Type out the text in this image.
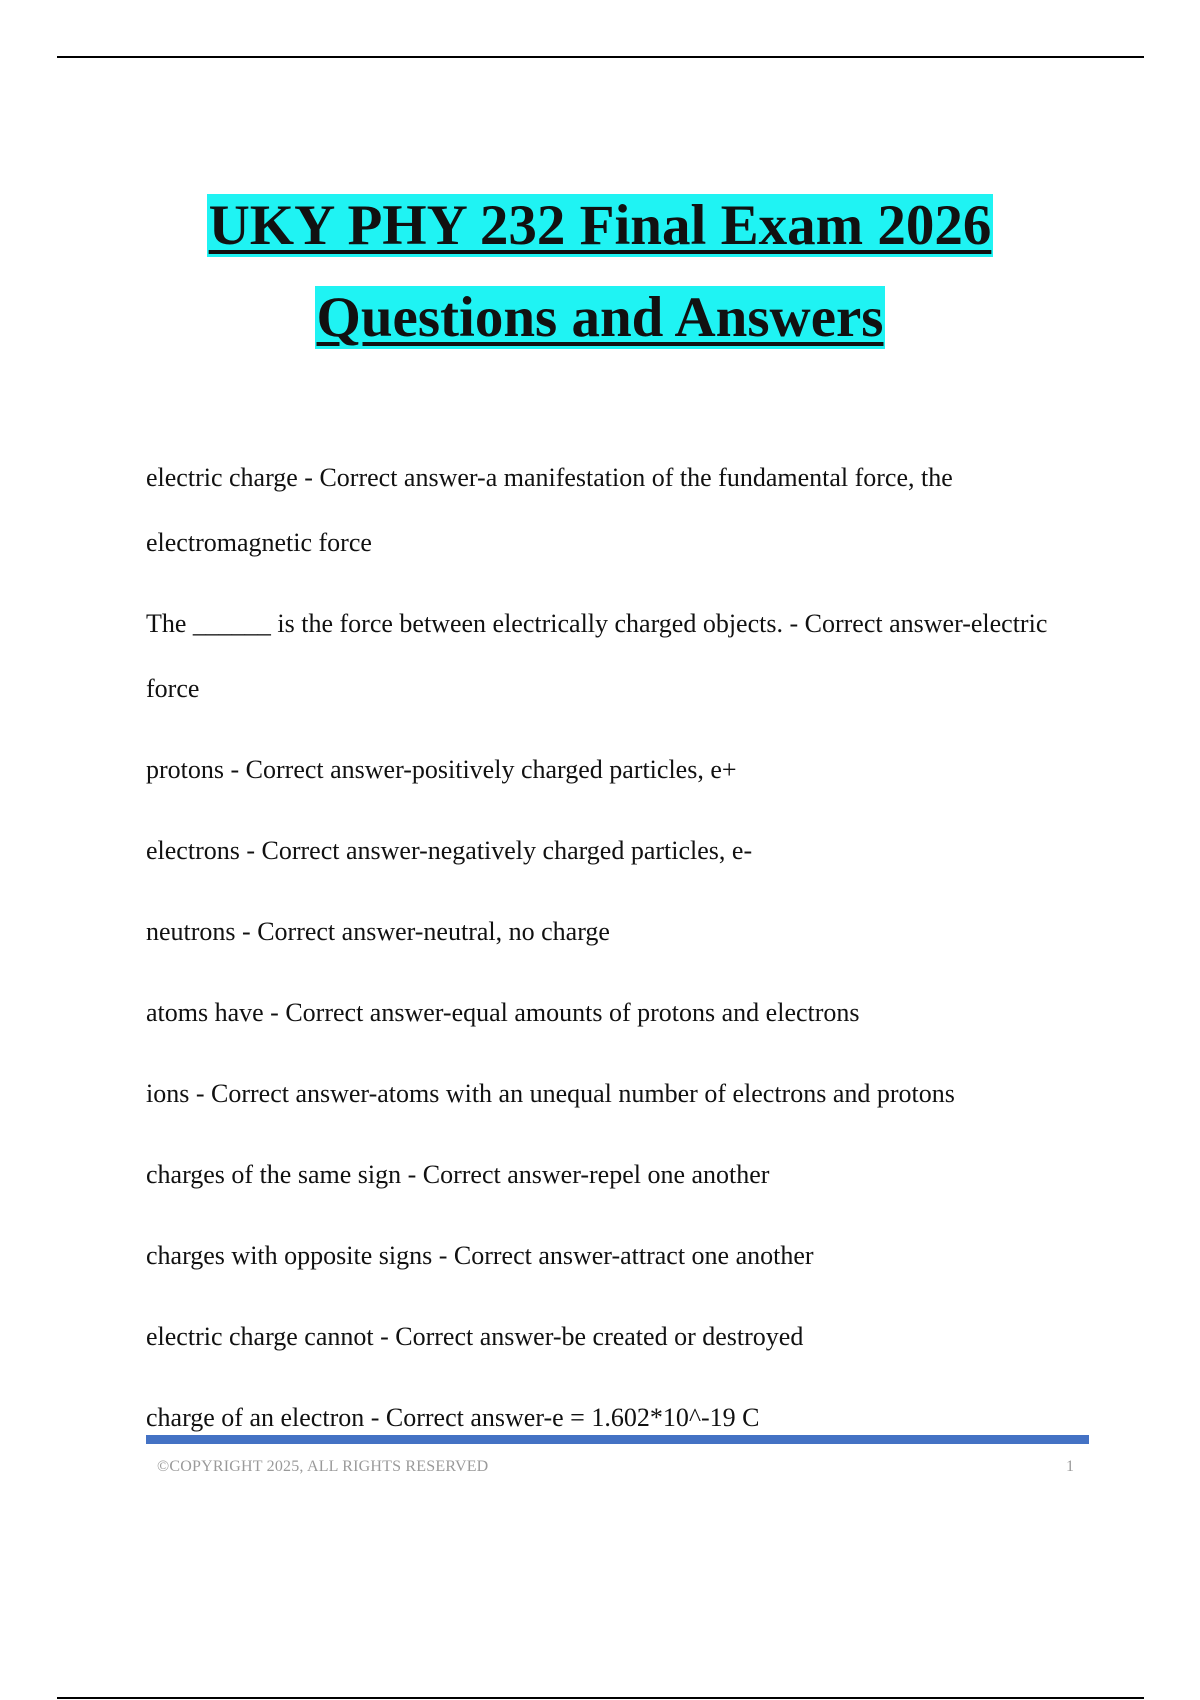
UKY PHY 232 Final Exam 2026
Questions and Answers
electric charge - Correct answer-a manifestation of the fundamental force, the electromagnetic force
The ______ is the force between electrically charged objects. - Correct answer-electric force
protons - Correct answer-positively charged particles, e+
electrons - Correct answer-negatively charged particles, e-
neutrons - Correct answer-neutral, no charge
atoms have - Correct answer-equal amounts of protons and electrons
ions - Correct answer-atoms with an unequal number of electrons and protons
charges of the same sign - Correct answer-repel one another
charges with opposite signs - Correct answer-attract one another
electric charge cannot - Correct answer-be created or destroyed
charge of an electron - Correct answer-e = 1.602*10^-19 C
©COPYRIGHT 2025, ALL RIGHTS RESERVED	1
